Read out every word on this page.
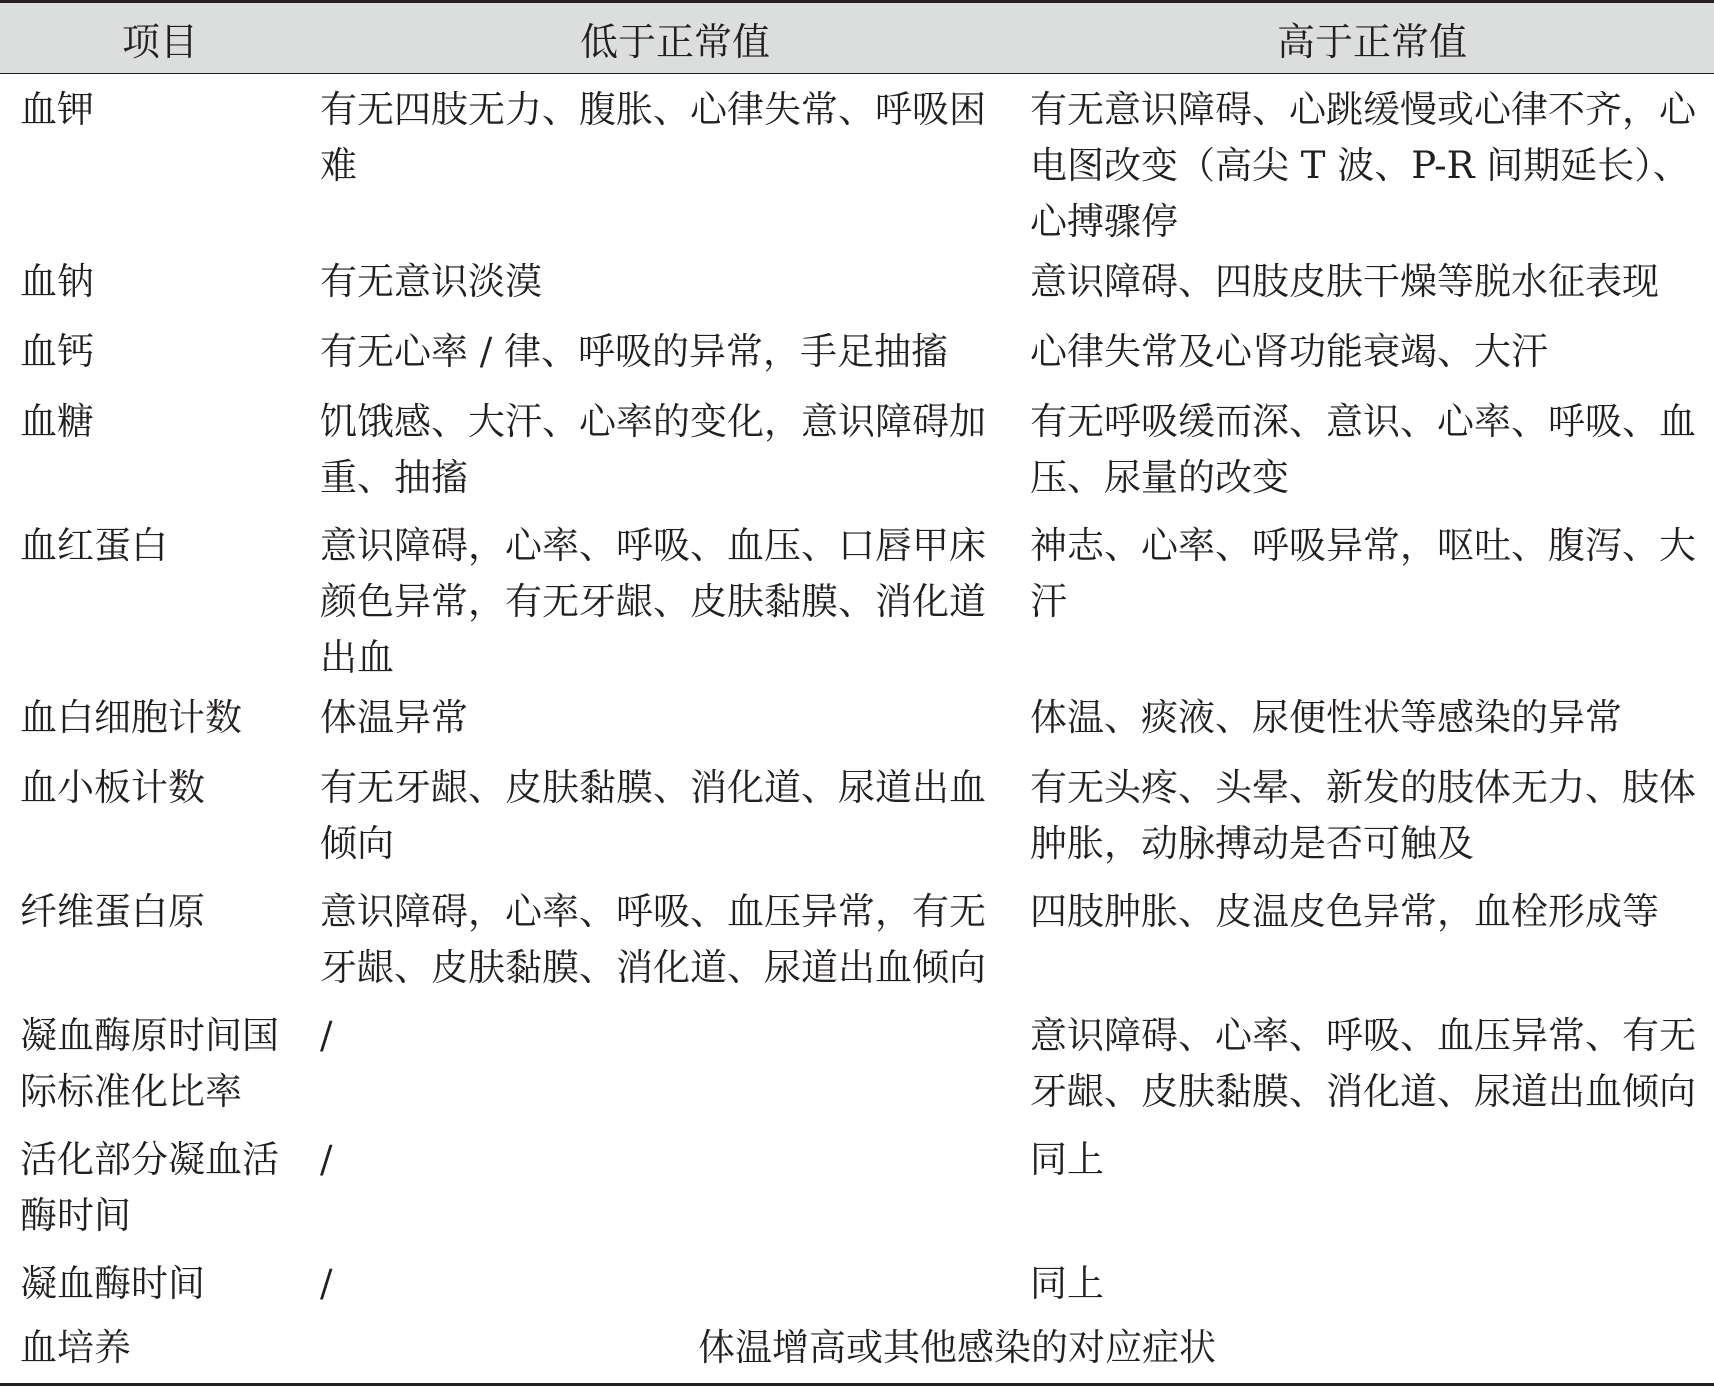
项目	低于正常值	高于正常值
血钾	有无四肢无力、腹胀、心律失常、呼吸困难	有无意识障碍、心跳缓慢或心律不齐，心电图改变（高尖 T 波、P-R 间期延长）、心搏骤停
血钠	有无意识淡漠	意识障碍、四肢皮肤干燥等脱水征表现
血钙	有无心率 / 律、呼吸的异常，手足抽搐	心律失常及心肾功能衰竭、大汗
血糖	饥饿感、大汗、心率的变化，意识障碍加重、抽搐	有无呼吸缓而深、意识、心率、呼吸、血压、尿量的改变
血红蛋白	意识障碍，心率、呼吸、血压、口唇甲床颜色异常，有无牙龈、皮肤黏膜、消化道出血	神志、心率、呼吸异常，呕吐、腹泻、大汗
血白细胞计数	体温异常	体温、痰液、尿便性状等感染的异常
血小板计数	有无牙龈、皮肤黏膜、消化道、尿道出血倾向	有无头疼、头晕、新发的肢体无力、肢体肿胀，动脉搏动是否可触及
纤维蛋白原	意识障碍，心率、呼吸、血压异常，有无牙龈、皮肤黏膜、消化道、尿道出血倾向	四肢肿胀、皮温皮色异常，血栓形成等
凝血酶原时间国际标准化比率	/	意识障碍、心率、呼吸、血压异常、有无牙龈、皮肤黏膜、消化道、尿道出血倾向
活化部分凝血活酶时间	/	同上
凝血酶时间	/	同上
血培养	体温增高或其他感染的对应症状	
